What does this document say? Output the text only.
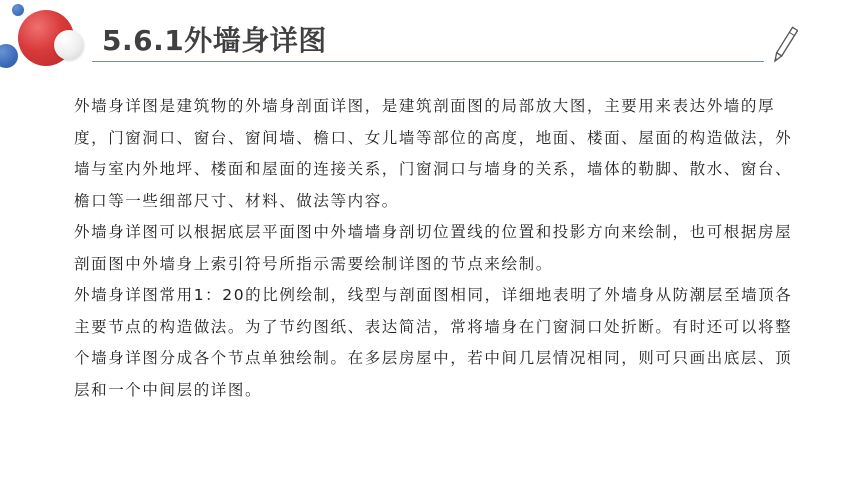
5.6.1外墙身详图

外墙身详图是建筑物的外墙身剖面详图，是建筑剖面图的局部放大图，主要用来表达外墙的厚度，门窗洞口、窗台、窗间墙、檐口、女儿墙等部位的高度，地面、楼面、屋面的构造做法，外墙与室内外地坪、楼面和屋面的连接关系，门窗洞口与墙身的关系，墙体的勒脚、散水、窗台、檐口等一些细部尺寸、材料、做法等内容。

外墙身详图可以根据底层平面图中外墙墙身剖切位置线的位置和投影方向来绘制，也可根据房屋剖面图中外墙身上索引符号所指示需要绘制详图的节点来绘制。

外墙身详图常用1：20的比例绘制，线型与剖面图相同，详细地表明了外墙身从防潮层至墙顶各主要节点的构造做法。为了节约图纸、表达简洁，常将墙身在门窗洞口处折断。有时还可以将整个墙身详图分成各个节点单独绘制。在多层房屋中，若中间几层情况相同，则可只画出底层、顶层和一个中间层的详图。
